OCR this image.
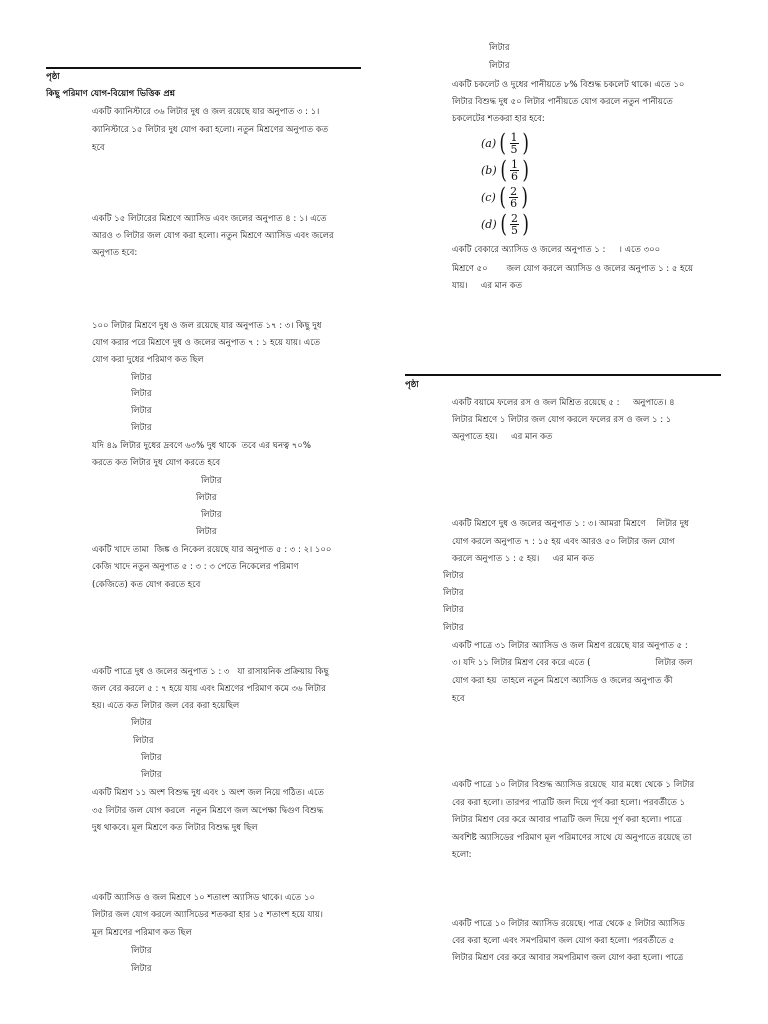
পৃষ্ঠা
কিছু পরিমাণ যোগ-বিয়োগ ভিত্তিক প্রশ্ন
একটি ক্যানিস্টারে ৩৬ লিটার দুধ ও জল রয়েছে যার অনুপাত ৩ : ১।
ক্যানিস্টারে ১৫ লিটার দুধ যোগ করা হলো। নতুন মিশ্রণের অনুপাত কত
হবে
একটি ১৫ লিটারের মিশ্রণে অ্যাসিড এবং জলের অনুপাত ৪ : ১। এতে
আরও ৩ লিটার জল যোগ করা হলো। নতুন মিশ্রণে অ্যাসিড এবং জলের
অনুপাত হবে:
১০০ লিটার মিশ্রণে দুধ ও জল রয়েছে যার অনুপাত ১৭ : ৩। কিছু দুধ
যোগ করার পরে মিশ্রণে দুধ ও জলের অনুপাত ৭ : ১ হয়ে যায়। এতে
যোগ করা দুধের পরিমাণ কত ছিল
লিটার
লিটার
লিটার
লিটার
যদি ৪৯ লিটার দুধের দ্রবণে ৬৩% দুধ থাকে  তবে এর ঘনত্ব ৭০%
করতে কত লিটার দুধ যোগ করতে হবে
লিটার
লিটার
লিটার
লিটার
একটি খাদে তামা  জিঙ্ক ও নিকেল রয়েছে যার অনুপাত ৫ : ৩ : ২। ১০০
কেজি খাদে নতুন অনুপাত ৫ : ৩ : ৩ পেতে নিকেলের পরিমাণ
(কেজিতে) কত যোগ করতে হবে
একটি পাত্রে দুধ ও জলের অনুপাত ১ : ৩   যা রাসায়নিক প্রক্রিয়ায় কিছু
জল বের করলে ৫ : ৭ হয়ে যায় এবং মিশ্রণের পরিমাণ কমে ৩৬ লিটার
হয়। এতে কত লিটার জল বের করা হয়েছিল
লিটার
লিটার
লিটার
লিটার
একটি মিশ্রণ ১১ অংশ বিশুদ্ধ দুধ এবং ১ অংশ জল নিয়ে গঠিত। এতে
৩৫ লিটার জল যোগ করলে  নতুন মিশ্রণে জল অপেক্ষা দ্বিগুণ বিশুদ্ধ
দুধ থাকবে। মূল মিশ্রণে কত লিটার বিশুদ্ধ দুধ ছিল
একটি অ্যাসিড ও জল মিশ্রণে ১০ শতাংশ অ্যাসিড থাকে। এতে ১০
লিটার জল যোগ করলে অ্যাসিডের শতকরা হার ১৫ শতাংশ হয়ে যায়।
মূল মিশ্রণের পরিমাণ কত ছিল
লিটার
লিটার
লিটার
লিটার
একটি চকলেট ও দুধের পানীয়তে ৮% বিশুদ্ধ চকলেট থাকে। এতে ১০
লিটার বিশুদ্ধ দুধ ৫০ লিটার পানীয়তে যোগ করলে নতুন পানীয়তে
চকলেটের শতকরা হার হবে:
(a) ( $\frac{1}{5}$ )
(b) ( $\frac{1}{6}$ )
(c) ( $\frac{2}{6}$ )
(d) ( $\frac{2}{5}$ )
একটি বেকারে অ্যাসিড ও জলের অনুপাত ১ :     । এতে ৩০০
মিশ্রণে ৫০       জল যোগ করলে অ্যাসিড ও জলের অনুপাত ১ : ৫ হয়ে
যায়।     এর মান কত
পৃষ্ঠা
একটি বয়ামে ফলের রস ও জল মিশ্রিত রয়েছে ৫ :     অনুপাতে। ৪
লিটার মিশ্রণে ১ লিটার জল যোগ করলে ফলের রস ও জল ১ : ১
অনুপাতে হয়।     এর মান কত
একটি মিশ্রণে দুধ ও জলের অনুপাত ১ : ৩। আমরা মিশ্রণে    লিটার দুধ
যোগ করলে অনুপাত ৭ : ১৫ হয় এবং আরও ৫০ লিটার জল যোগ
করলে অনুপাত ১ : ৫ হয়।     এর মান কত
লিটার
লিটার
লিটার
লিটার
একটি পাত্রে ৩১ লিটার অ্যাসিড ও জল মিশ্রণ রয়েছে যার অনুপাত ৫ :
৩। যদি ১১ লিটার মিশ্রণ বের করে এতে (                        লিটার জল
যোগ করা হয়  তাহলে নতুন মিশ্রণে অ্যাসিড ও জলের অনুপাত কী
হবে
একটি পাত্রে ১০ লিটার বিশুদ্ধ অ্যাসিড রয়েছে  যার মধ্যে থেকে ১ লিটার
বের করা হলো। তারপর পাত্রটি জল দিয়ে পূর্ণ করা হলো। পরবর্তীতে ১
লিটার মিশ্রণ বের করে আবার পাত্রটি জল দিয়ে পূর্ণ করা হলো। পাত্রে
অবশিষ্ট অ্যাসিডের পরিমাণ মূল পরিমাণের সাথে যে অনুপাতে রয়েছে তা
হলো:
একটি পাত্রে ১০ লিটার অ্যাসিড রয়েছে। পাত্র থেকে ৫ লিটার অ্যাসিড
বের করা হলো এবং সমপরিমাণ জল যোগ করা হলো। পরবর্তীতে ৫
লিটার মিশ্রণ বের করে আবার সমপরিমাণ জল যোগ করা হলো। পাত্রে
